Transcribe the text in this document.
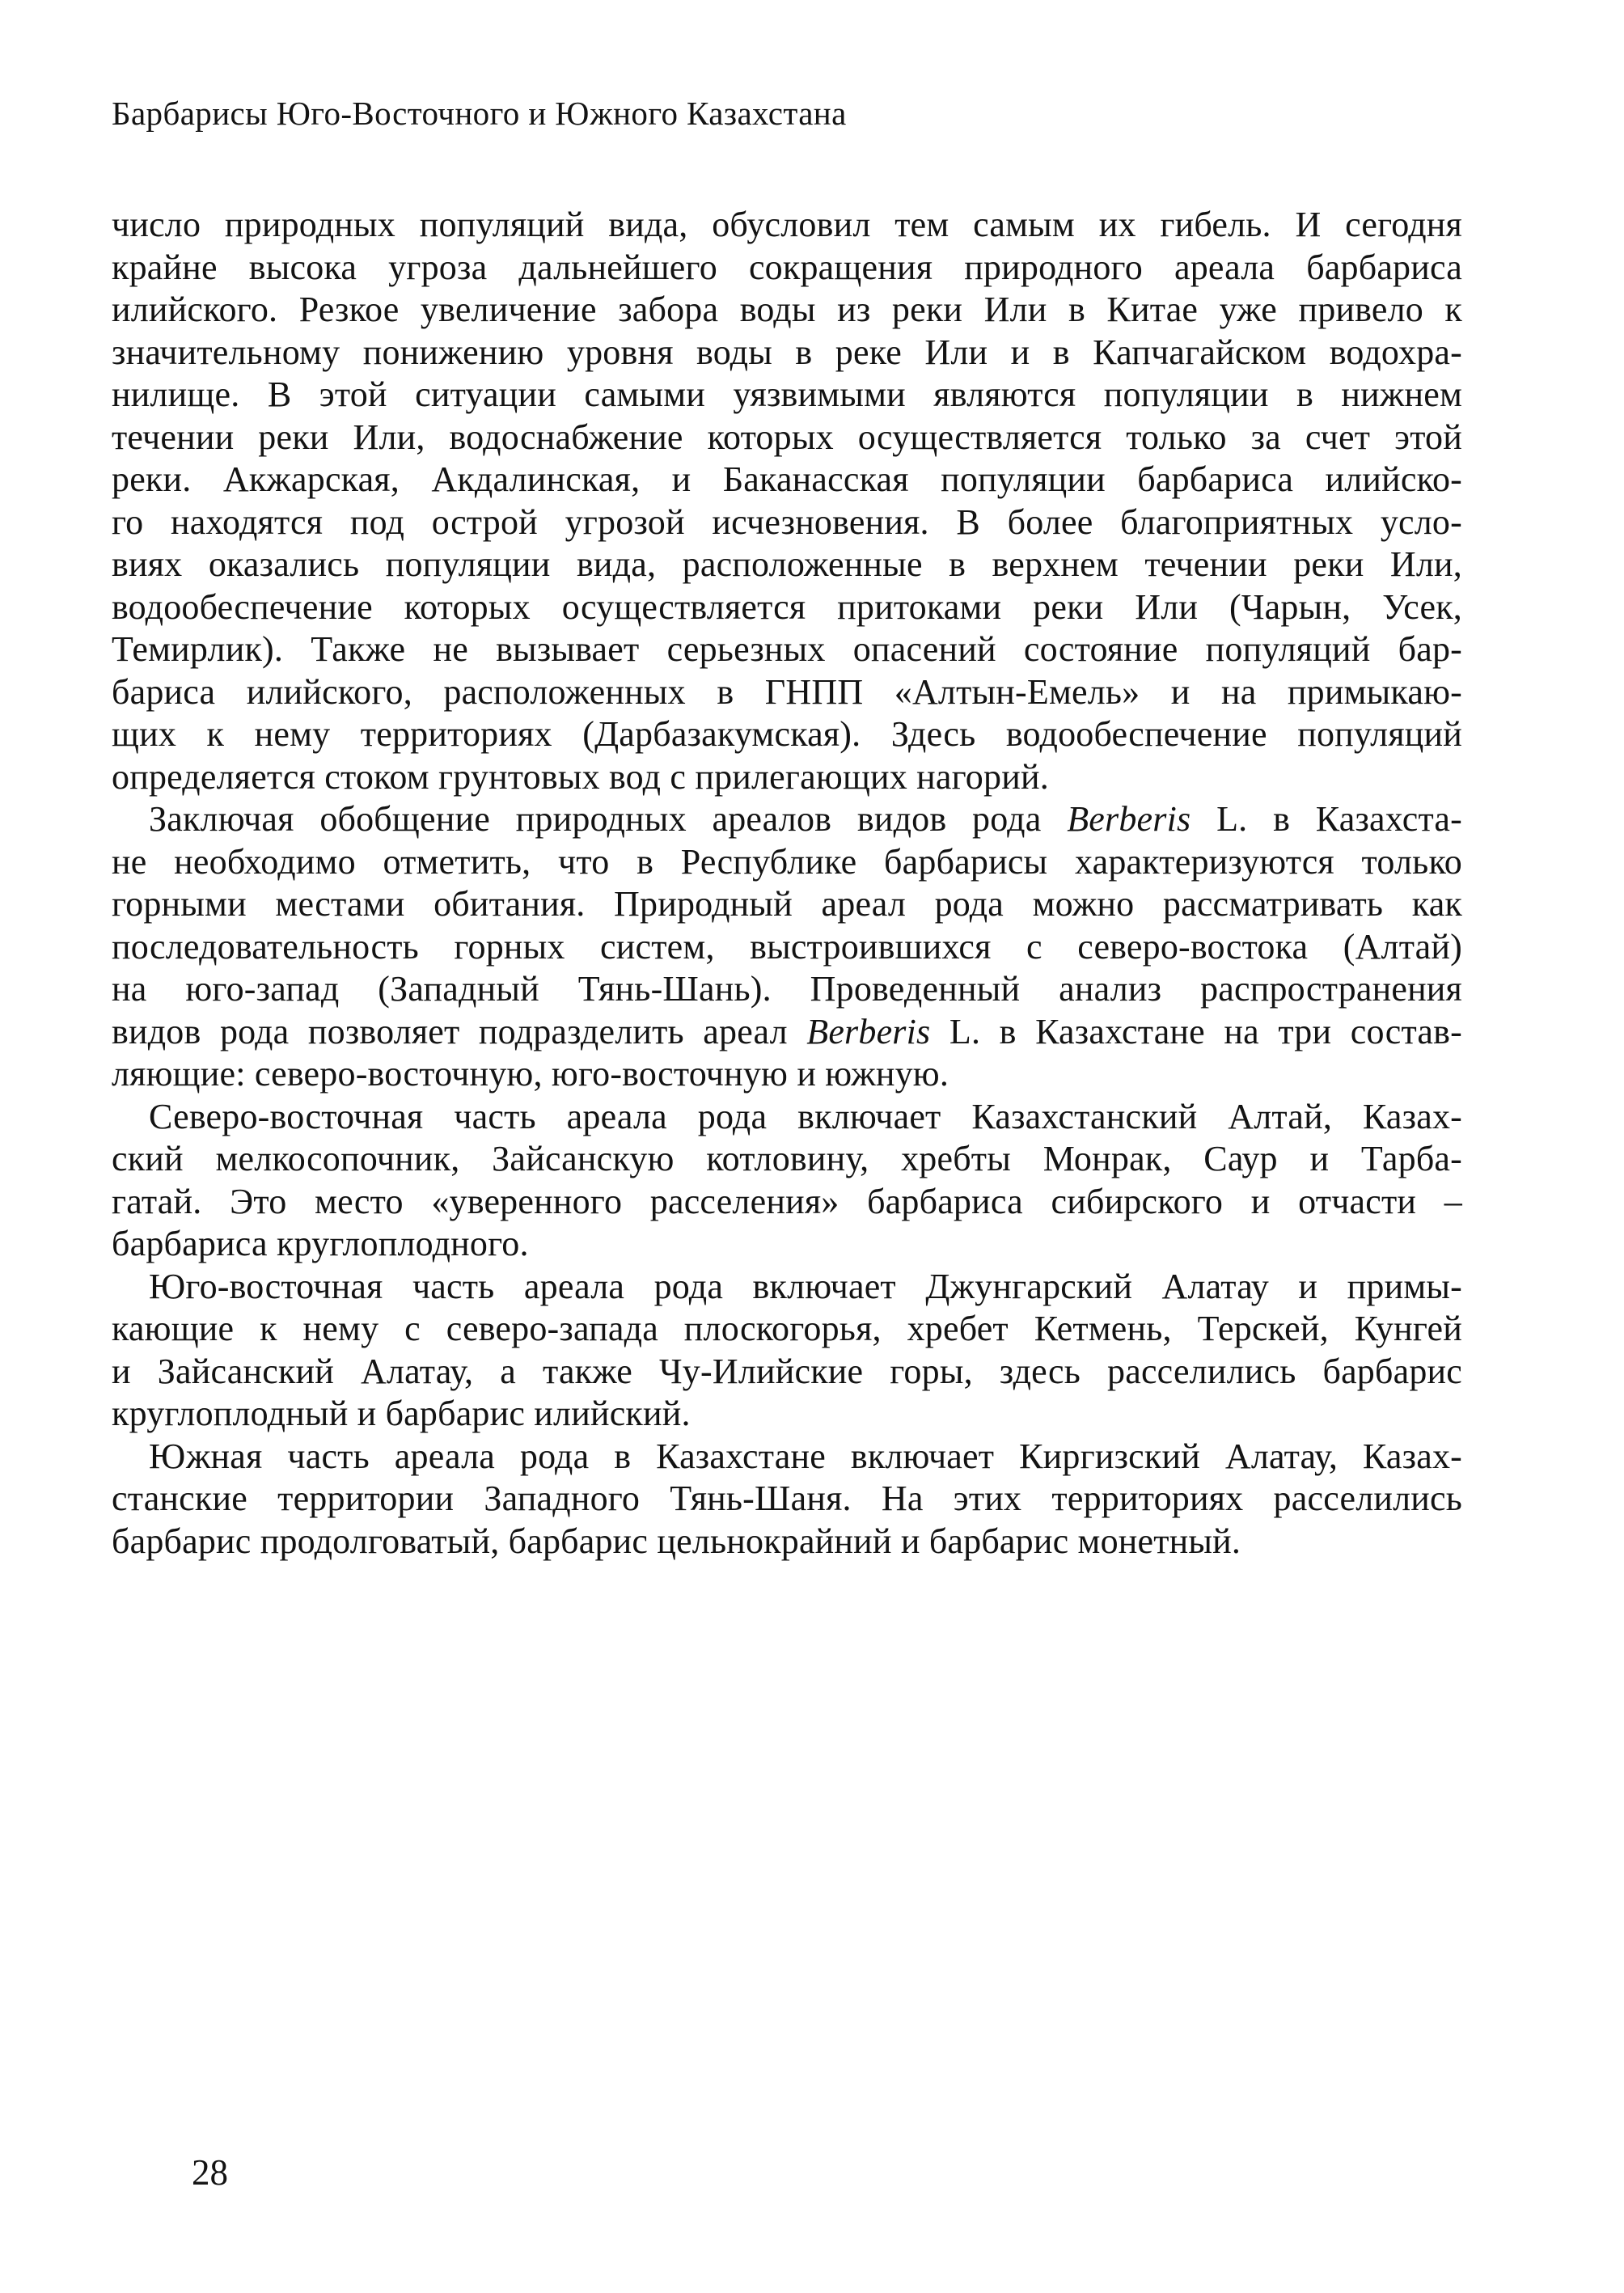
Барбарисы Юго-Восточного и Южного Казахстана
число природных популяций вида, обусловил тем самым их гибель. И сегодня
крайне высока угроза дальнейшего сокращения природного ареала барбариса
илийского. Резкое увеличение забора воды из реки Или в Китае уже привело к
значительному понижению уровня воды в реке Или и в Капчагайском водохра-
нилище. В этой ситуации самыми уязвимыми являются популяции в нижнем
течении реки Или, водоснабжение которых осуществляется только за счет этой
реки. Акжарская, Акдалинская, и Баканасская популяции барбариса илийско-
го находятся под острой угрозой исчезновения. В более благоприятных усло-
виях оказались популяции вида, расположенные в верхнем течении реки Или,
водообеспечение которых осуществляется притоками реки Или (Чарын, Усек,
Темирлик). Также не вызывает серьезных опасений состояние популяций бар-
бариса илийского, расположенных в ГНПП «Алтын-Емель» и на примыкаю-
щих к нему территориях (Дарбазакумская). Здесь водообеспечение популяций
определяется стоком грунтовых вод с прилегающих нагорий.
Заключая обобщение природных ареалов видов рода Berberis L. в Казахста-
не необходимо отметить, что в Республике барбарисы характеризуются только
горными местами обитания. Природный ареал рода можно рассматривать как
последовательность горных систем, выстроившихся с северо-востока (Алтай)
на юго-запад (Западный Тянь-Шань). Проведенный анализ распространения
видов рода позволяет подразделить ареал Berberis L. в Казахстане на три состав-
ляющие: северо-восточную, юго-восточную и южную.
Северо-восточная часть ареала рода включает Казахстанский Алтай, Казах-
ский мелкосопочник, Зайсанскую котловину, хребты Монрак, Саур и Тарба-
гатай. Это место «уверенного расселения» барбариса сибирского и отчасти –
барбариса круглоплодного.
Юго-восточная часть ареала рода включает Джунгарский Алатау и примы-
кающие к нему с северо-запада плоскогорья, хребет Кетмень, Терскей, Кунгей
и Зайсанский Алатау, а также Чу-Илийские горы, здесь расселились барбарис
круглоплодный и барбарис илийский.
Южная часть ареала рода в Казахстане включает Киргизский Алатау, Казах-
станские территории Западного Тянь-Шаня. На этих территориях расселились
барбарис продолговатый, барбарис цельнокрайний и барбарис монетный.
28
